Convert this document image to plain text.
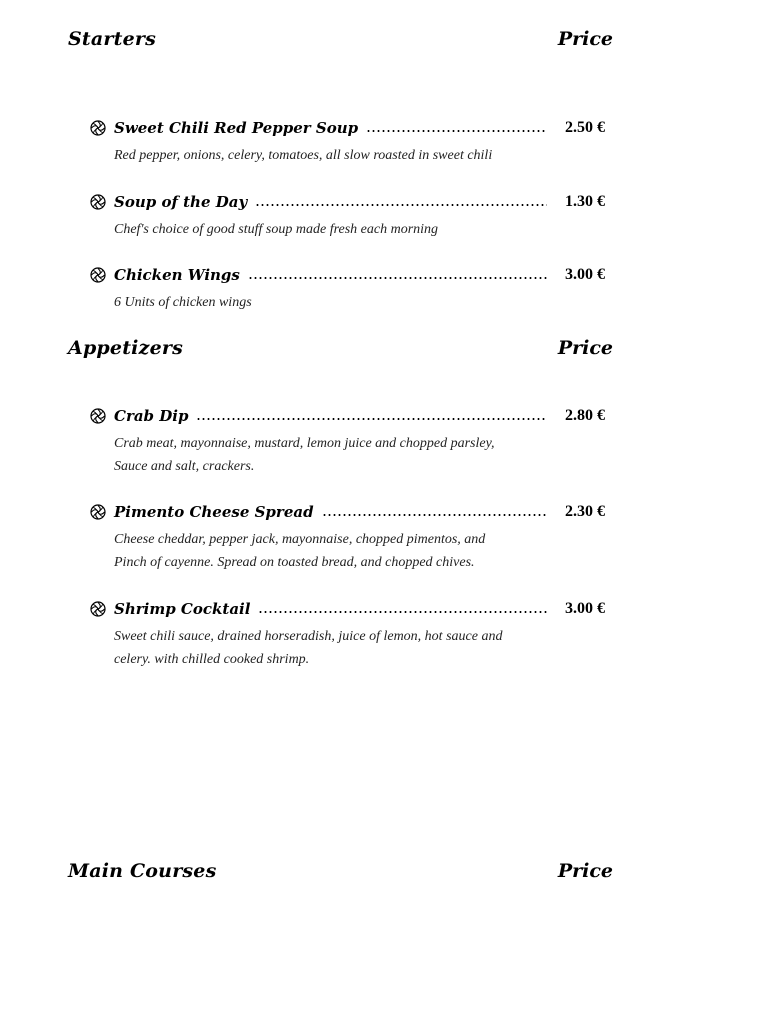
Starters	Price
Sweet Chili Red Pepper Soup	2.50 €
Red pepper, onions, celery, tomatoes, all slow roasted in sweet chili
Soup of the Day	1.30 €
Chef's choice of good stuff soup made fresh each morning
Chicken Wings	3.00 €
6 Units of chicken wings
Appetizers	Price
Crab Dip	2.80 €
Crab meat, mayonnaise, mustard, lemon juice and chopped parsley,
Sauce and salt, crackers.
Pimento Cheese Spread	2.30 €
Cheese cheddar, pepper jack, mayonnaise, chopped pimentos, and
Pinch of cayenne. Spread on toasted bread, and chopped chives.
Shrimp Cocktail	3.00 €
Sweet chili sauce, drained horseradish, juice of lemon, hot sauce and
celery. with chilled cooked shrimp.
Main Courses	Price
